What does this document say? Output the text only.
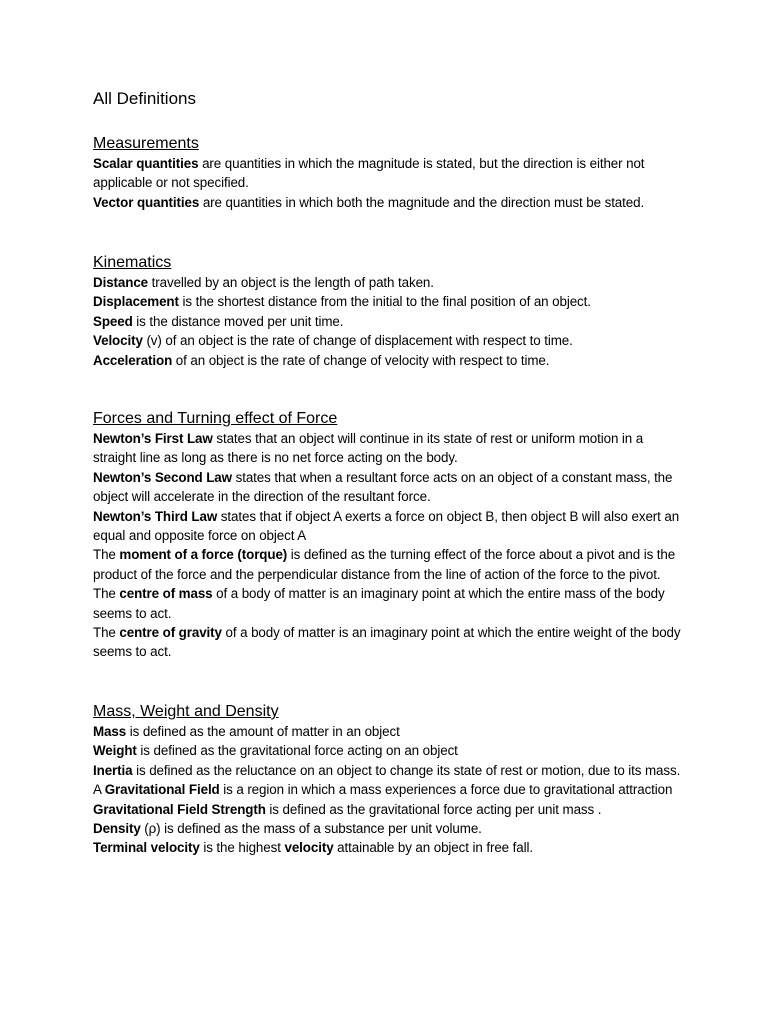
All Definitions
Measurements

Scalar quantities are quantities in which the magnitude is stated, but the direction is either not applicable or not specified.

Vector quantities are quantities in which both the magnitude and the direction must be stated.

Kinematics

Distance travelled by an object is the length of path taken.

Displacement is the shortest distance from the initial to the final position of an object.

Speed is the distance moved per unit time.

Velocity (v) of an object is the rate of change of displacement with respect to time.

Acceleration of an object is the rate of change of velocity with respect to time.

Forces and Turning effect of Force

Newton’s First Law states that an object will continue in its state of rest or uniform motion in a straight line as long as there is no net force acting on the body.

Newton’s Second Law states that when a resultant force acts on an object of a constant mass, the object will accelerate in the direction of the resultant force.

Newton’s Third Law states that if object A exerts a force on object B, then object B will also exert an equal and opposite force on object A

The moment of a force (torque) is defined as the turning effect of the force about a pivot and is the product of the force and the perpendicular distance from the line of action of the force to the pivot.

The centre of mass of a body of matter is an imaginary point at which the entire mass of the body seems to act.

The centre of gravity of a body of matter is an imaginary point at which the entire weight of the body seems to act.

Mass, Weight and Density

Mass is defined as the amount of matter in an object

Weight is defined as the gravitational force acting on an object

Inertia is defined as the reluctance on an object to change its state of rest or motion, due to its mass.

A Gravitational Field is a region in which a mass experiences a force due to gravitational attraction

Gravitational Field Strength is defined as the gravitational force acting per unit mass .

Density (ρ) is defined as the mass of a substance per unit volume.

Terminal velocity is the highest velocity attainable by an object in free fall.
